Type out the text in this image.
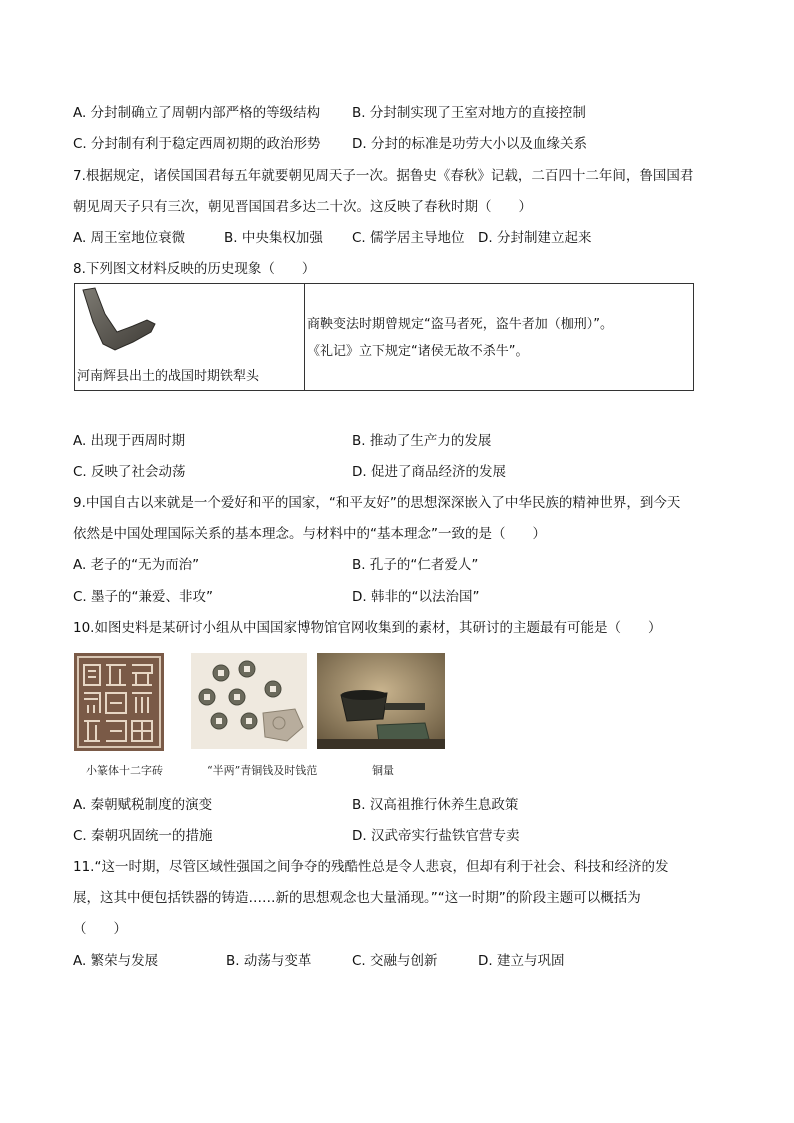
A. 分封制确立了周朝内部严格的等级结构 B. 分封制实现了王室对地方的直接控制
C. 分封制有利于稳定西周初期的政治形势 D. 分封的标准是功劳大小以及血缘关系
7.根据规定，诸侯国国君每五年就要朝见周天子一次。据鲁史《春秋》记载，二百四十二年间，鲁国国君
朝见周天子只有三次，朝见晋国国君多达二十次。这反映了春秋时期（　　）
A. 周王室地位衰微	B. 中央集权加强 C. 儒学居主导地位 D. 分封制建立起来
8.下列图文材料反映的历史现象（　　）
河南辉县出土的战国时期铁犁头
商鞅变法时期曾规定“盗马者死，盗牛者加（枷刑）”。
《礼记》立下规定“诸侯无故不杀牛”。
A. 出现于西周时期	B. 推动了生产力的发展
C. 反映了社会动荡	D. 促进了商品经济的发展
9.中国自古以来就是一个爱好和平的国家，“和平友好”的思想深深嵌入了中华民族的精神世界，到今天
依然是中国处理国际关系的基本理念。与材料中的“基本理念”一致的是（　　）
A. 老子的“无为而治”	B. 孔子的“仁者爱人”
C. 墨子的“兼爱、非攻”	D. 韩非的“以法治国”
10.如图史料是某研讨小组从中国国家博物馆官网收集到的素材，其研讨的主题最有可能是（　　）
小篆体十二字砖	“半两”青铜钱及时钱范	铜量
A. 秦朝赋税制度的演变	B. 汉高祖推行休养生息政策
C. 秦朝巩固统一的措施	D. 汉武帝实行盐铁官营专卖
11.“这一时期，尽管区域性强国之间争夺的残酷性总是令人悲哀，但却有利于社会、科技和经济的发
展，这其中便包括铁器的铸造……新的思想观念也大量涌现。”“这一时期”的阶段主题可以概括为
（　　）
A. 繁荣与发展	B. 动荡与变革	C. 交融与创新	D. 建立与巩固
